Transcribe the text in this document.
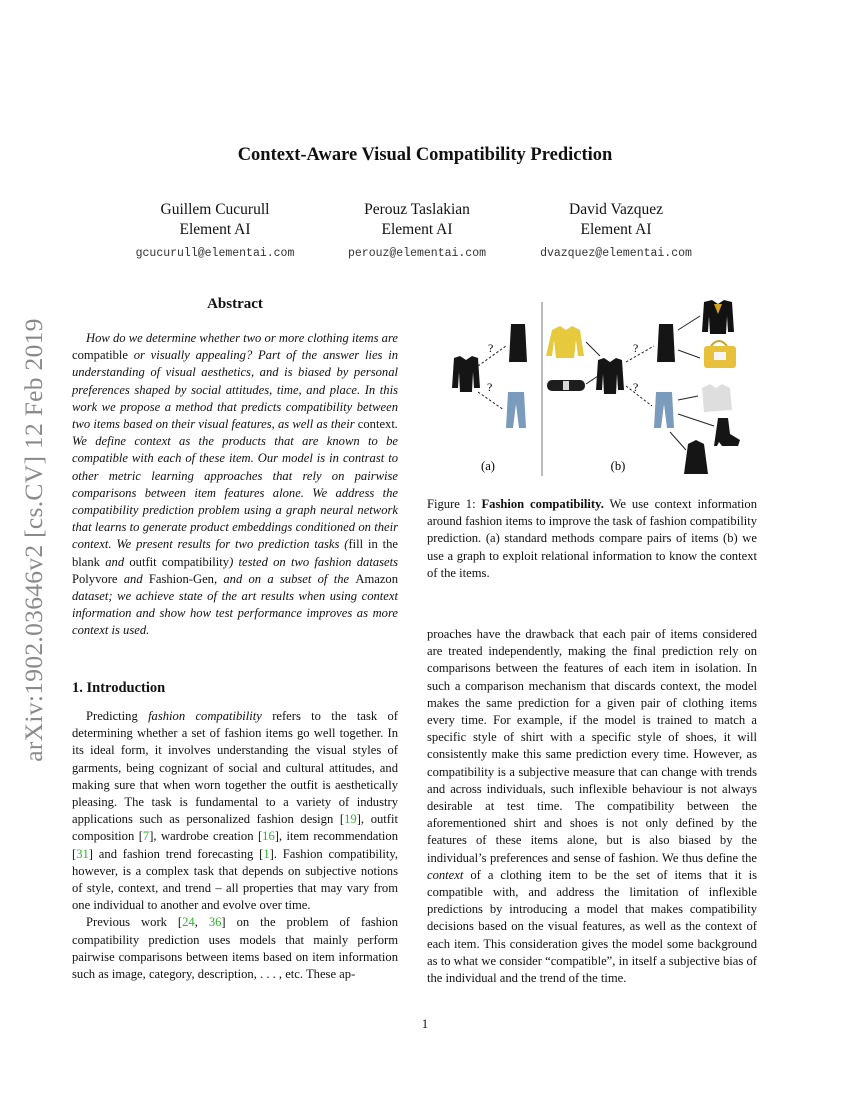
arXiv:1902.03646v2 [cs.CV] 12 Feb 2019
Context-Aware Visual Compatibility Prediction
Guillem Cucurull
Element AI
gcucurull@elementai.com
Perouz Taslakian
Element AI
perouz@elementai.com
David Vazquez
Element AI
dvazquez@elementai.com
Abstract

How do we determine whether two or more clothing items are compatible or visually appealing? Part of the answer lies in understanding of visual aesthetics, and is biased by personal preferences shaped by social attitudes, time, and place. In this work we propose a method that predicts compatibility between two items based on their visual features, as well as their context. We define context as the products that are known to be compatible with each of these item. Our model is in contrast to other metric learning approaches that rely on pairwise comparisons between item features alone. We address the compatibility prediction problem using a graph neural network that learns to generate product embeddings conditioned on their context. We present results for two prediction tasks (fill in the blank and outfit compatibility) tested on two fashion datasets Polyvore and Fashion-Gen, and on a subset of the Amazon dataset; we achieve state of the art results when using context information and show how test performance improves as more context is used.

1. Introduction

Predicting fashion compatibility refers to the task of determining whether a set of fashion items go well together. In its ideal form, it involves understanding the visual styles of garments, being cognizant of social and cultural attitudes, and making sure that when worn together the outfit is aesthetically pleasing. The task is fundamental to a variety of industry applications such as personalized fashion design [19], outfit composition [7], wardrobe creation [16], item recommendation [31] and fashion trend forecasting [1]. Fashion compatibility, however, is a complex task that depends on subjective notions of style, context, and trend – all properties that may vary from one individual to another and evolve over time.

Previous work [24, 36] on the problem of fashion compatibility prediction uses models that mainly perform pairwise comparisons between items based on item information such as image, category, description, . . . , etc. These ap-

?
?
(a)
?
?
(b)
Figure 1: Fashion compatibility. We use context information around fashion items to improve the task of fashion compatibility prediction. (a) standard methods compare pairs of items (b) we use a graph to exploit relational information to know the context of the items.

proaches have the drawback that each pair of items considered are treated independently, making the final prediction rely on comparisons between the features of each item in isolation. In such a comparison mechanism that discards context, the model makes the same prediction for a given pair of clothing items every time. For example, if the model is trained to match a specific style of shirt with a specific style of shoes, it will consistently make this same prediction every time. However, as compatibility is a subjective measure that can change with trends and across individuals, such inflexible behaviour is not always desirable at test time. The compatibility between the aforementioned shirt and shoes is not only defined by the features of these items alone, but is also biased by the individual’s preferences and sense of fashion. We thus define the context of a clothing item to be the set of items that it is compatible with, and address the limitation of inflexible predictions by introducing a model that makes compatibility decisions based on the visual features, as well as the context of each item. This consideration gives the model some background as to what we consider “compatible”, in itself a subjective bias of the individual and the trend of the time.

1
